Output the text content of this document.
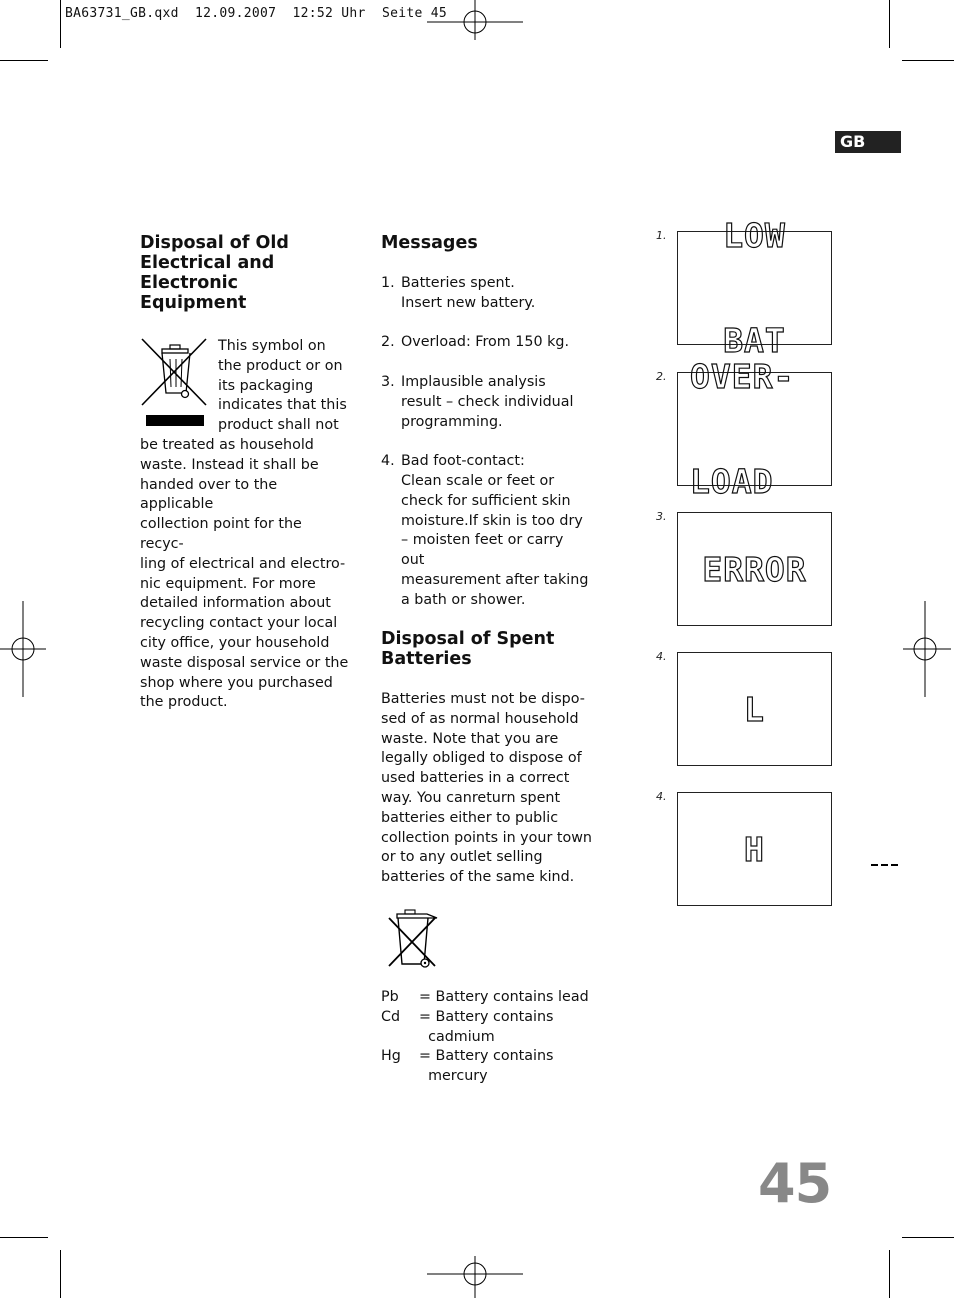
BA63731_GB.qxd  12.09.2007  12:52 Uhr  Seite 45
GB
Disposal of Old
Electrical and
Electronic Equipment
This symbol on
the product or on
its packaging
indicates that this
product shall not
be treated as household
waste. Instead it shall be
handed over to the applicable
collection point for the recyc-
ling of electrical and electro-
nic equipment. For more
detailed information about
recycling contact your local
city office, your household
waste disposal service or the
shop where you purchased
the product.
Messages
1. Batteries spent.
Insert new battery.
2. Overload: From 150 kg.
3. Implausible analysis
result – check individual
programming.
4. Bad foot-contact:
Clean scale or feet or
check for sufficient skin
moisture.If skin is too dry
– moisten feet or carry out
measurement after taking
a bath or shower.
Disposal of Spent
Batteries
Batteries must not be dispo-
sed of as normal household
waste. Note that you are
legally obliged to dispose of
used batteries in a correct
way. You canreturn spent
batteries either to public
collection points in your town
or to any outlet selling
batteries of the same kind.
Pb	= Battery contains lead
Cd	= Battery contains
cadmium
Hg	= Battery contains
mercury
1.

	LOW

BAT

2.

OVER-

LOAD

3.

ERROR

4.

L

4.

H

45
